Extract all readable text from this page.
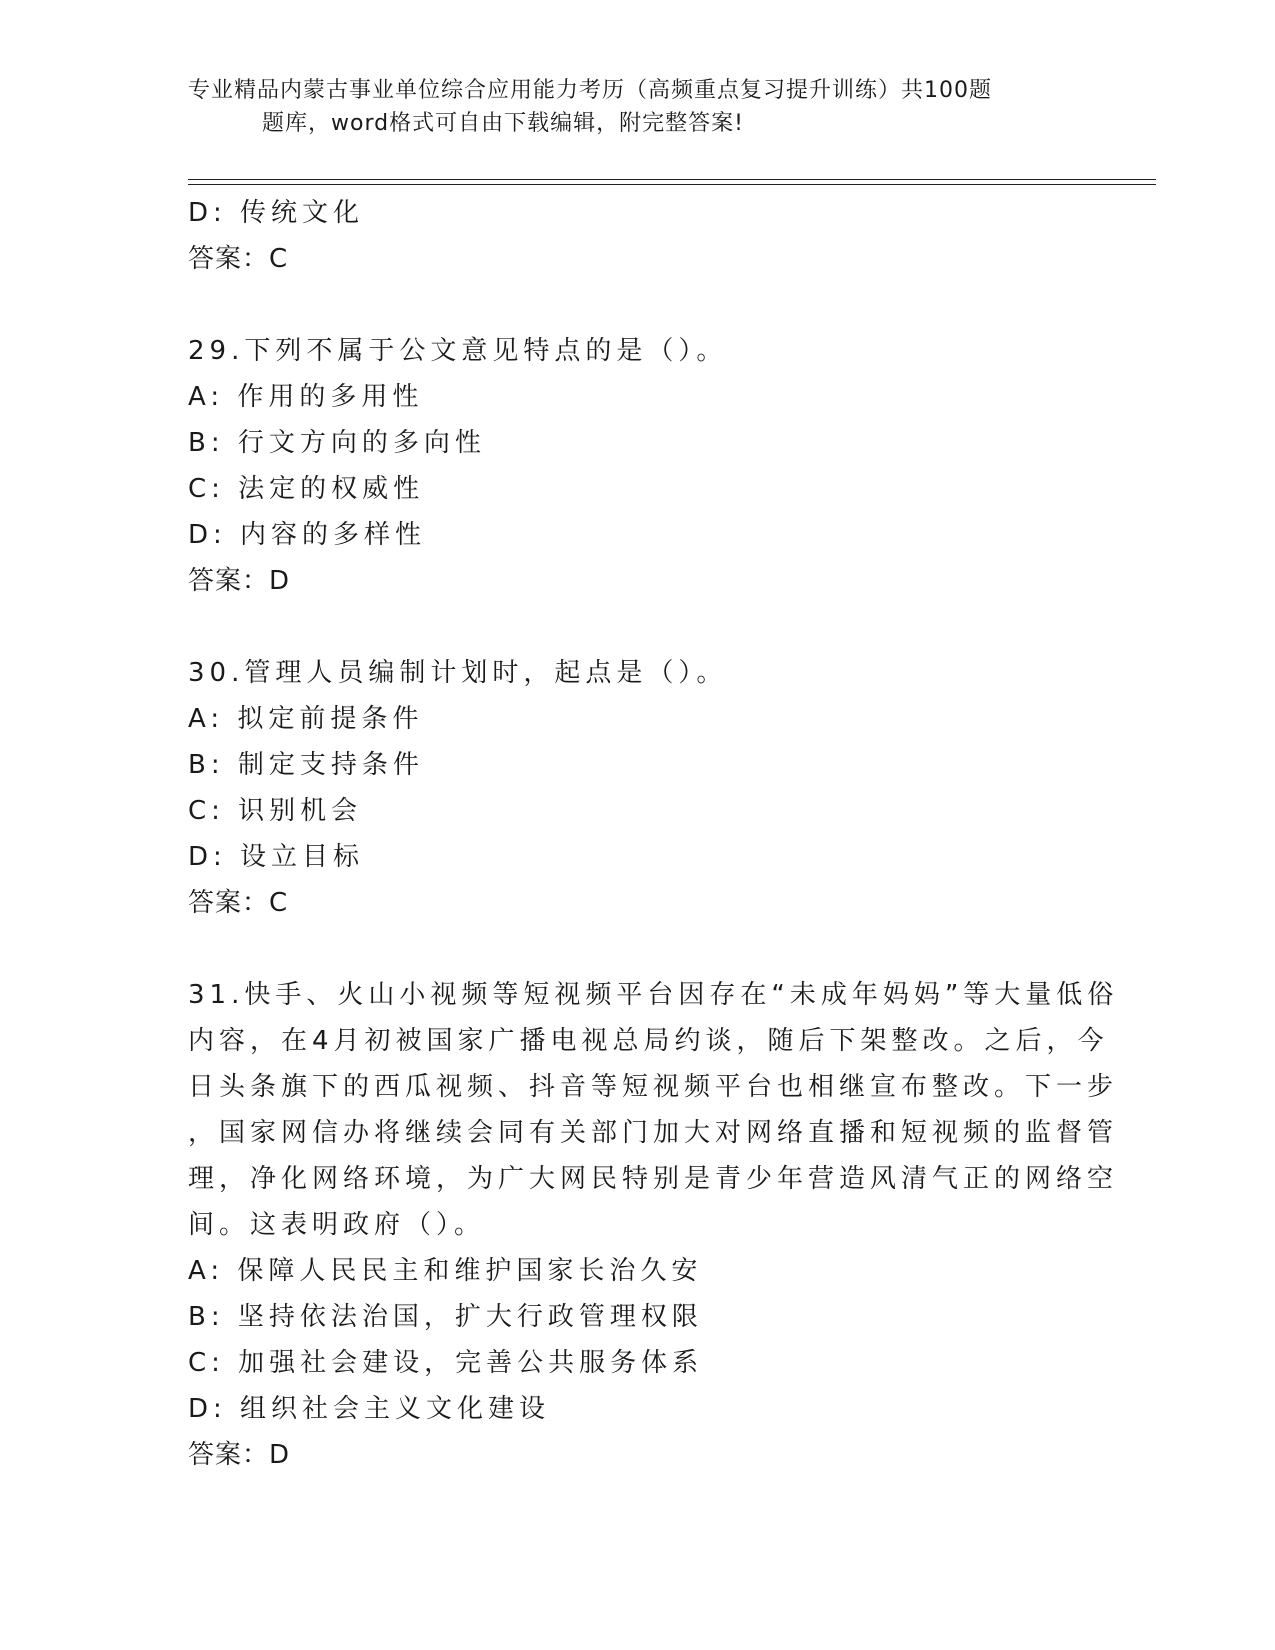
专业精品内蒙古事业单位综合应用能力考历（高频重点复习提升训练）共100题
题库，word格式可自由下载编辑，附完整答案!
D: 传统文化
答案：C
29.下列不属于公文意见特点的是（）。
A: 作用的多用性
B: 行文方向的多向性
C: 法定的权威性
D: 内容的多样性
答案：D
30.管理人员编制计划时，起点是（）。
A: 拟定前提条件
B: 制定支持条件
C: 识别机会
D: 设立目标
答案：C
31.快手、火山小视频等短视频平台因存在“未成年妈妈”等大量低俗
内容，在4月初被国家广播电视总局约谈，随后下架整改。之后，今
日头条旗下的西瓜视频、抖音等短视频平台也相继宣布整改。下一步
，国家网信办将继续会同有关部门加大对网络直播和短视频的监督管
理，净化网络环境，为广大网民特别是青少年营造风清气正的网络空
间。这表明政府（）。
A: 保障人民民主和维护国家长治久安
B: 坚持依法治国，扩大行政管理权限
C: 加强社会建设，完善公共服务体系
D: 组织社会主义文化建设
答案：D
